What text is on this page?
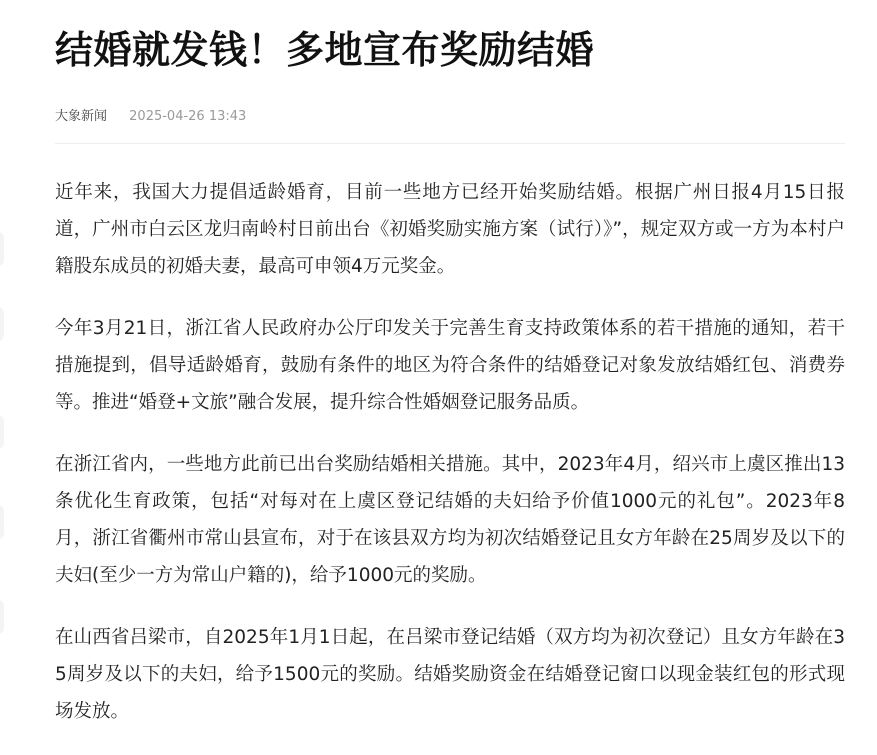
结婚就发钱！多地宣布奖励结婚
大象新闻 2025-04-26 13:43

近年来，我国大力提倡适龄婚育，目前一些地方已经开始奖励结婚。根据广州日报4月15日报道，广州市白云区龙归南岭村日前出台《初婚奖励实施方案（试行）》”，规定双方或一方为本村户籍股东成员的初婚夫妻，最高可申领4万元奖金。

今年3月21日，浙江省人民政府办公厅印发关于完善生育支持政策体系的若干措施的通知，若干措施提到，倡导适龄婚育，鼓励有条件的地区为符合条件的结婚登记对象发放结婚红包、消费券等。推进“婚登+文旅”融合发展，提升综合性婚姻登记服务品质。

在浙江省内，一些地方此前已出台奖励结婚相关措施。其中，2023年4月，绍兴市上虞区推出13条优化生育政策，包括“对每对在上虞区登记结婚的夫妇给予价值1000元的礼包”。2023年8月，浙江省衢州市常山县宣布，对于在该县双方均为初次结婚登记且女方年龄在25周岁及以下的夫妇(至少一方为常山户籍的)，给予1000元的奖励。

在山西省吕梁市，自2025年1月1日起，在吕梁市登记结婚（双方均为初次登记）且女方年龄在35周岁及以下的夫妇，给予1500元的奖励。结婚奖励资金在结婚登记窗口以现金装红包的形式现场发放。
